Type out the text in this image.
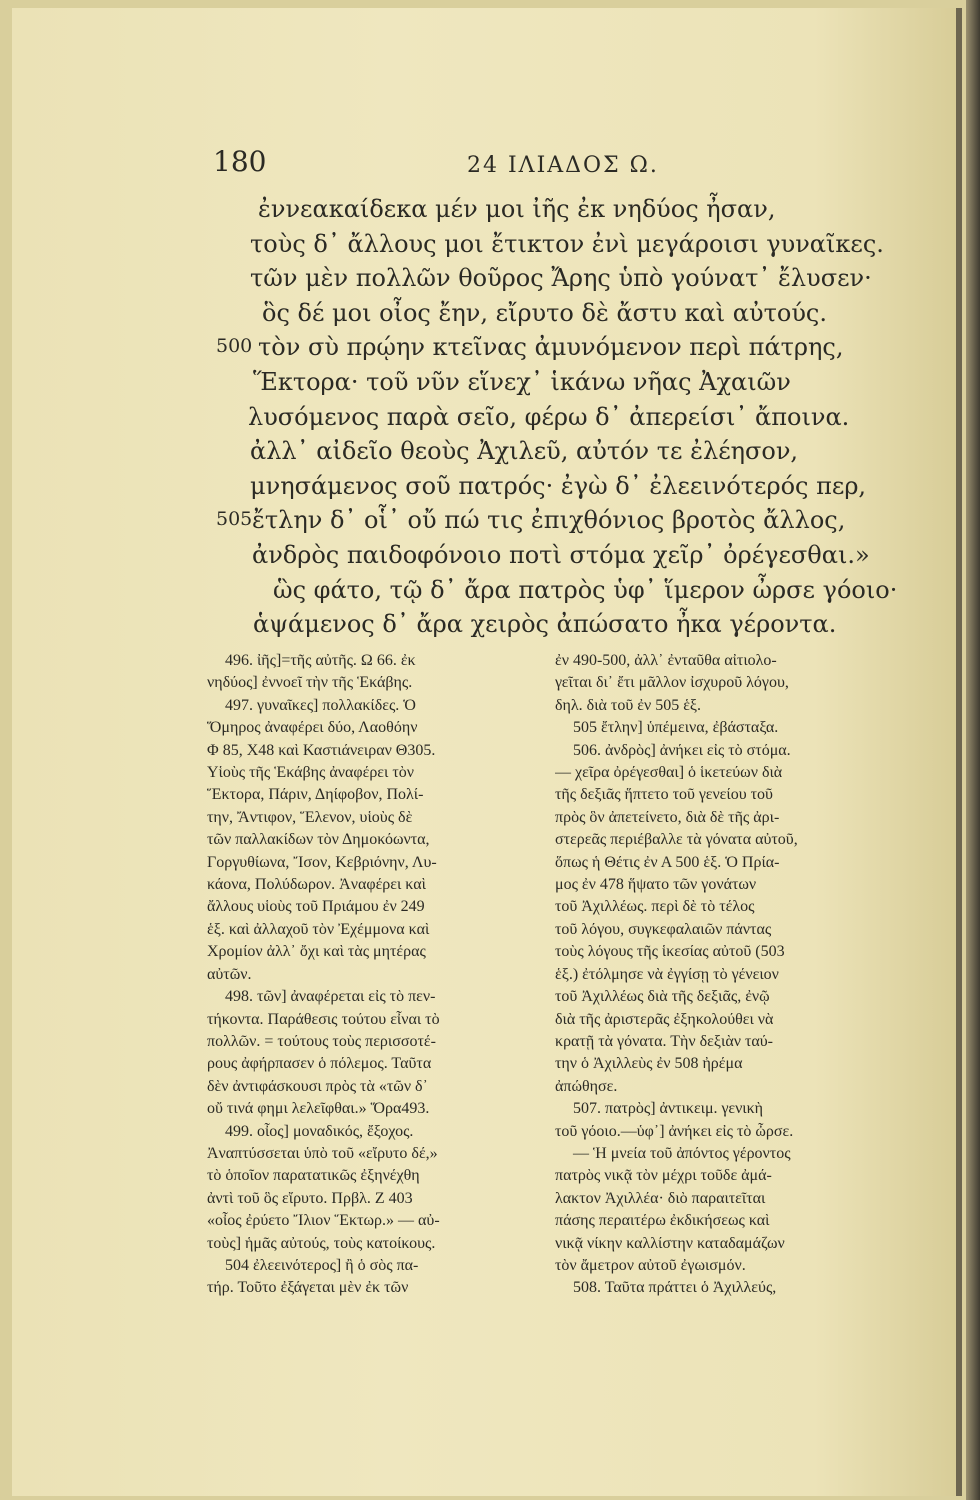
180	24 ΙΛΙΑΔΟΣ Ω.
ἐννεακαίδεκα μέν μοι ἰῆς ἐκ νηδύος ἦσαν,
τοὺς δ᾽ ἄλλους μοι ἔτικτον ἐνὶ μεγάροισι γυναῖκες.
τῶν μὲν πολλῶν θοῦρος Ἄρης ὑπὸ γούνατ᾽ ἔλυσεν·
ὃς δέ μοι οἶος ἔην, εἴρυτο δὲ ἄστυ καὶ αὐτούς.
500 τὸν σὺ πρῴην κτεῖνας ἀμυνόμενον περὶ πάτρης,
Ἕκτορα· τοῦ νῦν εἵνεχ᾽ ἱκάνω νῆας Ἀχαιῶν
λυσόμενος παρὰ σεῖο, φέρω δ᾽ ἀπερείσι᾽ ἄποινα.
ἀλλ᾽ αἰδεῖο θεοὺς Ἀχιλεῦ, αὐτόν τε ἐλέησον,
μνησάμενος σοῦ πατρός· ἐγὼ δ᾽ ἐλεεινότερός περ,
505 ἔτλην δ᾽ οἷ᾽ οὔ πώ τις ἐπιχθόνιος βροτὸς ἄλλος,
ἀνδρὸς παιδοφόνοιο ποτὶ στόμα χεῖρ᾽ ὀρέγεσθαι.»
ὣς φάτο, τῷ δ᾽ ἄρα πατρὸς ὑφ᾽ ἵμερον ὦρσε γόοιο·
ἁψάμενος δ᾽ ἄρα χειρὸς ἀπώσατο ἦκα γέροντα.
496. ἰῆς]=τῆς αὐτῆς. Ω 66. ἐκ
νηδύος] ἐννοεῖ τὴν τῆς Ἑκάβης.
497. γυναῖκες] πολλακίδες. Ὁ
Ὅμηρος ἀναφέρει δύο, Λαοθόην
Φ 85, Χ48 καὶ Καστιάνειραν Θ305.
Υἱοὺς τῆς Ἑκάβης ἀναφέρει τὸν
Ἕκτορα, Πάριν, Δηίφοβον, Πολί-
την, Ἄντιφον, Ἕλενον, υἱοὺς δὲ
τῶν παλλακίδων τὸν Δημοκόωντα,
Γοργυθίωνα, Ἴσον, Κεβριόνην, Λυ-
κάονα, Πολύδωρον. Ἀναφέρει καὶ
ἄλλους υἱοὺς τοῦ Πριάμου ἐν 249
ἑξ. καὶ ἀλλαχοῦ τὸν Ἐχέμμονα καὶ
Χρομίον ἀλλ᾽ ὄχι καὶ τὰς μητέρας
αὐτῶν.
498. τῶν] ἀναφέρεται εἰς τὸ πεν-
τήκοντα. Παράθεσις τούτου εἶναι τὸ
πολλῶν. = τούτους τοὺς περισσοτέ-
ρους ἀφήρπασεν ὁ πόλεμος. Ταῦτα
δὲν ἀντιφάσκουσι πρὸς τὰ «τῶν δ᾽
οὔ τινά φημι λελεῖφθαι.» Ὅρα493.
499. οἶος] μοναδικός, ἔξοχος.
Ἀναπτύσσεται ὑπὸ τοῦ «εἴρυτο δέ,»
τὸ ὁποῖον παρατατικῶς ἐξηνέχθη
ἀντὶ τοῦ ὃς εἴρυτο. Πρβλ. Ζ 403
«οἶος ἐρύετο Ἴλιον Ἕκτωρ.» — αὐ-
τοὺς] ἡμᾶς αὐτούς, τοὺς κατοίκους.
504 ἐλεεινότερος] ἢ ὁ σὸς πα-
τήρ. Τοῦτο ἐξάγεται μὲν ἐκ τῶν
ἐν 490-500, ἀλλ᾽ ἐνταῦθα αἰτιολο-
γεῖται δι᾽ ἔτι μᾶλλον ἰσχυροῦ λόγου,
δηλ. διὰ τοῦ ἐν 505 ἑξ.
505 ἔτλην] ὑπέμεινα, ἐβάσταξα.
506. ἀνδρὸς] ἀνήκει εἰς τὸ στόμα.
— χεῖρα ὀρέγεσθαι] ὁ ἱκετεύων διὰ
τῆς δεξιᾶς ἥπτετο τοῦ γενείου τοῦ
πρὸς ὃν ἀπετείνετο, διὰ δὲ τῆς ἀρι-
στερεᾶς περιέβαλλε τὰ γόνατα αὐτοῦ,
ὅπως ἡ Θέτις ἐν Α 500 ἑξ. Ὁ Πρία-
μος ἐν 478 ἥψατο τῶν γονάτων
τοῦ Ἀχιλλέως. περὶ δὲ τὸ τέλος
τοῦ λόγου, συγκεφαλαιῶν πάντας
τοὺς λόγους τῆς ἱκεσίας αὐτοῦ (503
ἑξ.) ἐτόλμησε νὰ ἐγγίσῃ τὸ γένειον
τοῦ Ἀχιλλέως διὰ τῆς δεξιᾶς, ἐνῷ
διὰ τῆς ἀριστερᾶς ἐξηκολούθει νὰ
κρατῇ τὰ γόνατα. Τὴν δεξιὰν ταύ-
την ὁ Ἀχιλλεὺς ἐν 508 ἠρέμα
ἀπώθησε.
507. πατρὸς] ἀντικειμ. γενικὴ
τοῦ γόοιο.—ὑφ᾽] ἀνήκει εἰς τὸ ὦρσε.
— Ἡ μνεία τοῦ ἀπόντος γέροντος
πατρὸς νικᾷ τὸν μέχρι τοῦδε ἀμά-
λακτον Ἀχιλλέα· διὸ παραιτεῖται
πάσης περαιτέρω ἐκδικήσεως καὶ
νικᾷ νίκην καλλίστην καταδαμάζων
τὸν ἄμετρον αὐτοῦ ἐγωισμόν.
508. Ταῦτα πράττει ὁ Ἀχιλλεύς,
